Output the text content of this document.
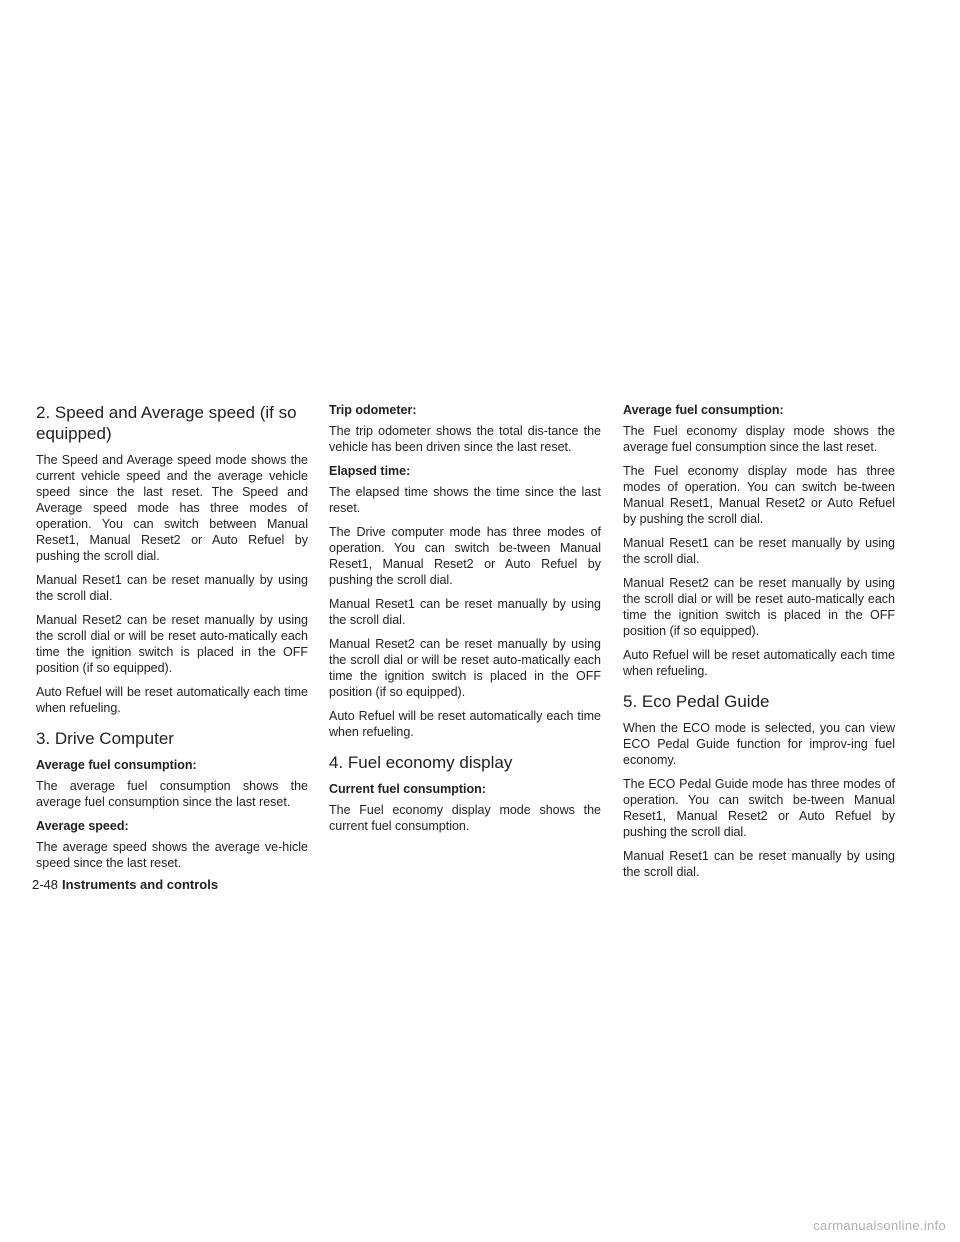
2. Speed and Average speed (if so
equipped)

The Speed and Average speed mode shows the current vehicle speed and the average vehicle speed since the last reset. The Speed and Average speed mode has three modes of operation. You can switch between Manual Reset1, Manual Reset2 or Auto Refuel by pushing the scroll dial.

Manual Reset1 can be reset manually by using the scroll dial.

Manual Reset2 can be reset manually by using the scroll dial or will be reset auto-matically each time the ignition switch is placed in the OFF position (if so equipped).

Auto Refuel will be reset automatically each time when refueling.

3. Drive Computer
Average fuel consumption:

The average fuel consumption shows the average fuel consumption since the last reset.

Average speed:

The average speed shows the average ve-hicle speed since the last reset.

Trip odometer:

The trip odometer shows the total dis-tance the vehicle has been driven since the last reset.

Elapsed time:

The elapsed time shows the time since the last reset.

The Drive computer mode has three modes of operation. You can switch be-tween Manual Reset1, Manual Reset2 or Auto Refuel by pushing the scroll dial.

Manual Reset1 can be reset manually by using the scroll dial.

Manual Reset2 can be reset manually by using the scroll dial or will be reset auto-matically each time the ignition switch is placed in the OFF position (if so equipped).

Auto Refuel will be reset automatically each time when refueling.

4. Fuel economy display
Current fuel consumption:

The Fuel economy display mode shows the current fuel consumption.

Average fuel consumption:

The Fuel economy display mode shows the average fuel consumption since the last reset.

The Fuel economy display mode has three modes of operation. You can switch be-tween Manual Reset1, Manual Reset2 or Auto Refuel by pushing the scroll dial.

Manual Reset1 can be reset manually by using the scroll dial.

Manual Reset2 can be reset manually by using the scroll dial or will be reset auto-matically each time the ignition switch is placed in the OFF position (if so equipped).

Auto Refuel will be reset automatically each time when refueling.

5. Eco Pedal Guide

When the ECO mode is selected, you can view ECO Pedal Guide function for improv-ing fuel economy.

The ECO Pedal Guide mode has three modes of operation. You can switch be-tween Manual Reset1, Manual Reset2 or Auto Refuel by pushing the scroll dial.

Manual Reset1 can be reset manually by using the scroll dial.

2-48 Instruments and controls
carmanualsonline.info
